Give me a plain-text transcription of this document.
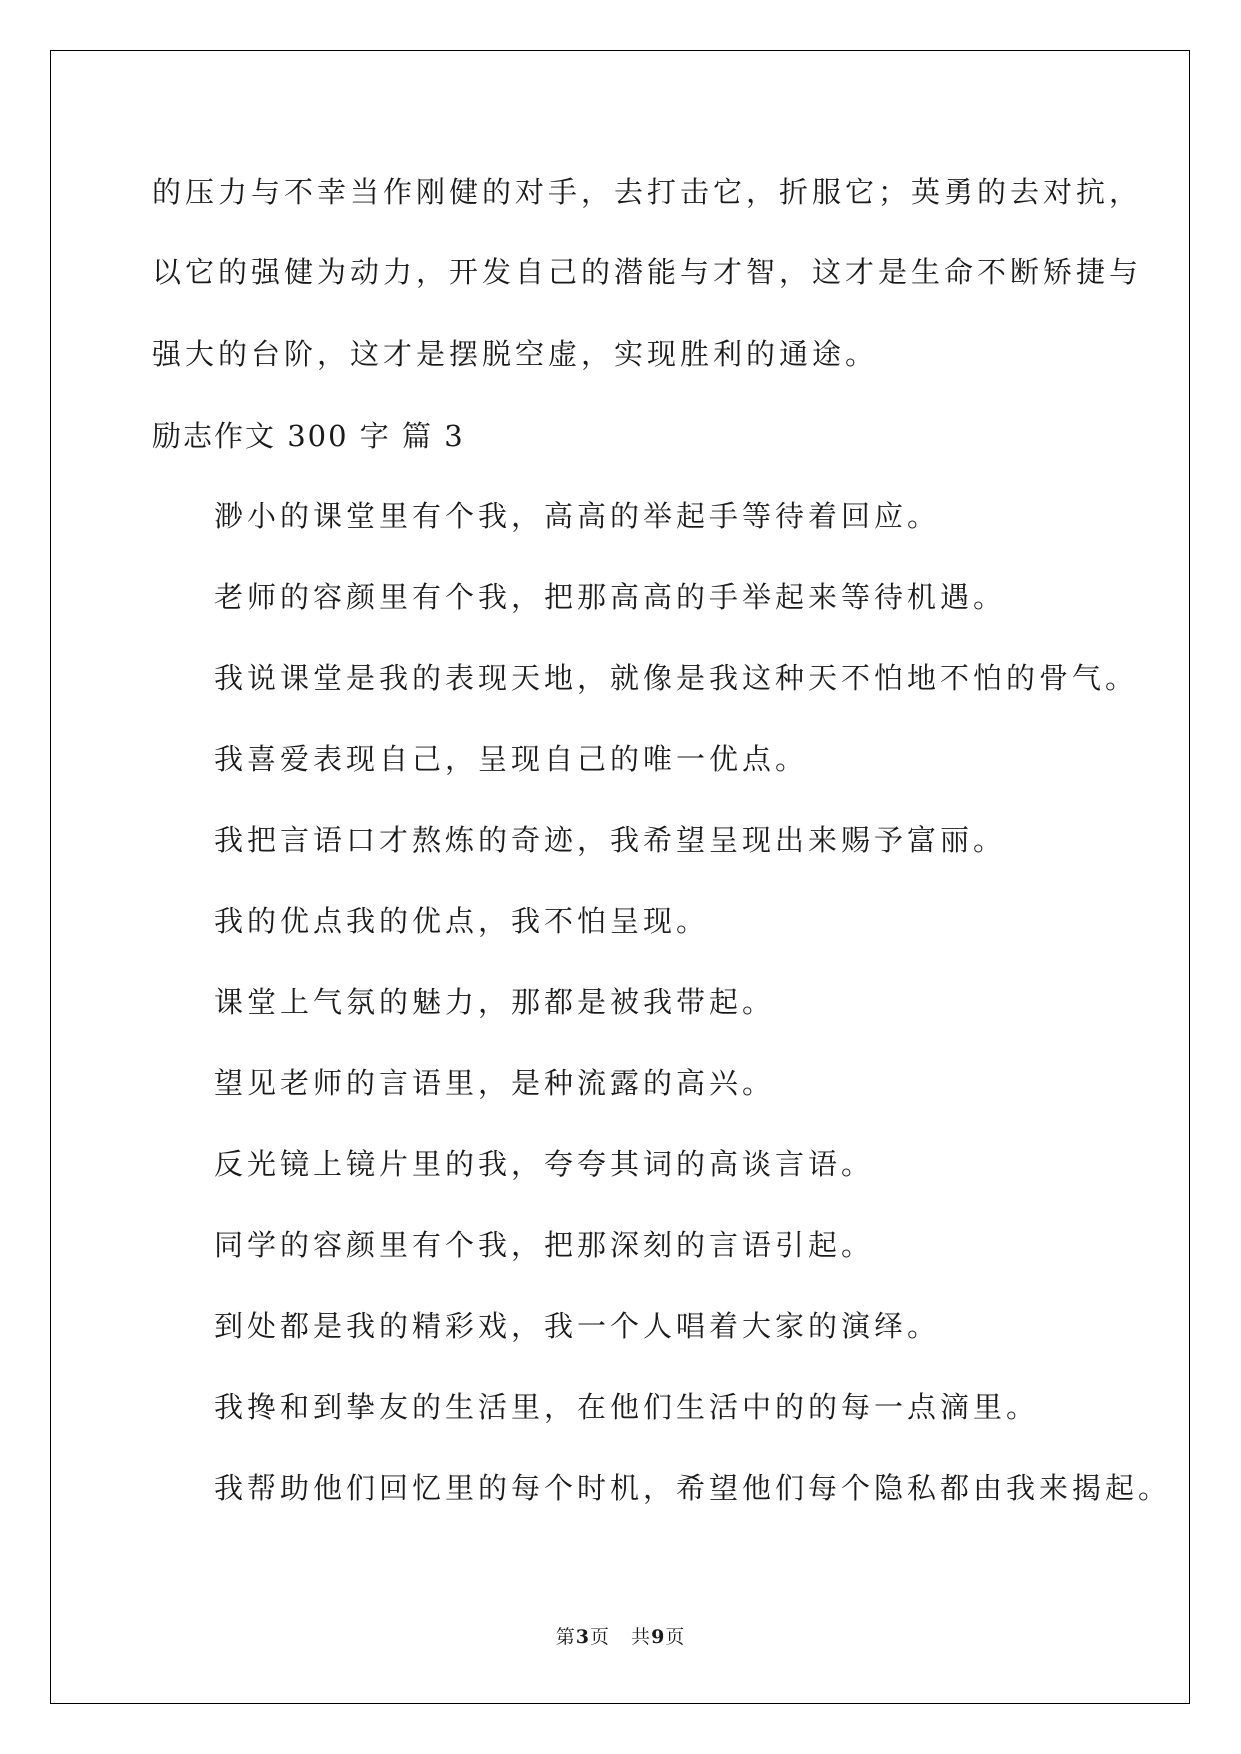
的压力与不幸当作刚健的对手，去打击它，折服它；英勇的去对抗，
以它的强健为动力，开发自己的潜能与才智，这才是生命不断矫捷与
强大的台阶，这才是摆脱空虚，实现胜利的通途。
励志作文 300 字 篇 3
渺小的课堂里有个我，高高的举起手等待着回应。
老师的容颜里有个我，把那高高的手举起来等待机遇。
我说课堂是我的表现天地，就像是我这种天不怕地不怕的骨气。
我喜爱表现自己，呈现自己的唯一优点。
我把言语口才熬炼的奇迹，我希望呈现出来赐予富丽。
我的优点我的优点，我不怕呈现。
课堂上气氛的魅力，那都是被我带起。
望见老师的言语里，是种流露的高兴。
反光镜上镜片里的我，夸夸其词的高谈言语。
同学的容颜里有个我，把那深刻的言语引起。
到处都是我的精彩戏，我一个人唱着大家的演绎。
我搀和到挚友的生活里，在他们生活中的的每一点滴里。
我帮助他们回忆里的每个时机，希望他们每个隐私都由我来揭起。
第3页   共9页
